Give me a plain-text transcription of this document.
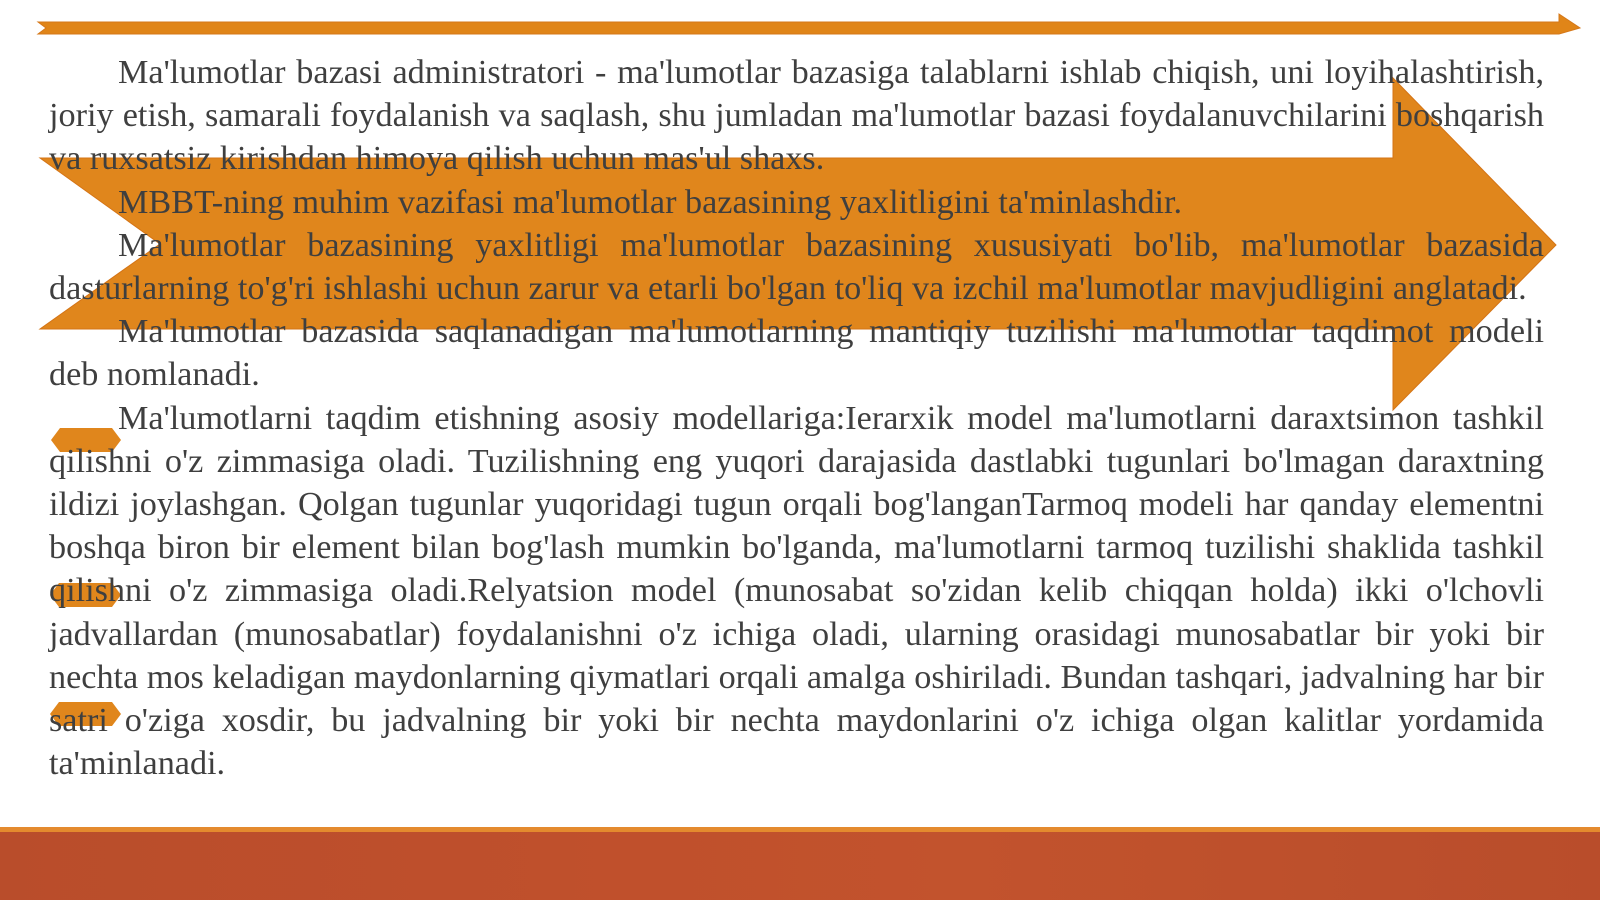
Ma'lumotlar bazasi administratori - ma'lumotlar bazasiga talablarni ishlab chiqish, uni loyihalashtirish, joriy etish, samarali foydalanish va saqlash, shu jumladan ma'lumotlar bazasi foydalanuvchilarini boshqarish va ruxsatsiz kirishdan himoya qilish uchun mas'ul shaxs.

MBBT-ning muhim vazifasi ma'lumotlar bazasining yaxlitligini ta'minlashdir.

Ma'lumotlar bazasining yaxlitligi ma'lumotlar bazasining xususiyati bo'lib, ma'lumotlar bazasida dasturlarning to'g'ri ishlashi uchun zarur va etarli bo'lgan to'liq va izchil ma'lumotlar mavjudligini anglatadi.

Ma'lumotlar bazasida saqlanadigan ma'lumotlarning mantiqiy tuzilishi ma'lumotlar taqdimot modeli deb nomlanadi.

Ma'lumotlarni taqdim etishning asosiy modellariga:Ierarxik model ma'lumotlarni daraxtsimon tashkil qilishni o'z zimmasiga oladi. Tuzilishning eng yuqori darajasida dastlabki tugunlari bo'lmagan daraxtning ildizi joylashgan. Qolgan tugunlar yuqoridagi tugun orqali bog'langanTarmoq modeli har qanday elementni boshqa biron bir element bilan bog'lash mumkin bo'lganda, ma'lumotlarni tarmoq tuzilishi shaklida tashkil qilishni o'z zimmasiga oladi.Relyatsion model (munosabat so'zidan kelib chiqqan holda) ikki o'lchovli jadvallardan (munosabatlar) foydalanishni o'z ichiga oladi, ularning orasidagi munosabatlar bir yoki bir nechta mos keladigan maydonlarning qiymatlari orqali amalga oshiriladi. Bundan tashqari, jadvalning har bir satri o'ziga xosdir, bu jadvalning bir yoki bir nechta maydonlarini o'z ichiga olgan kalitlar yordamida ta'minlanadi.
